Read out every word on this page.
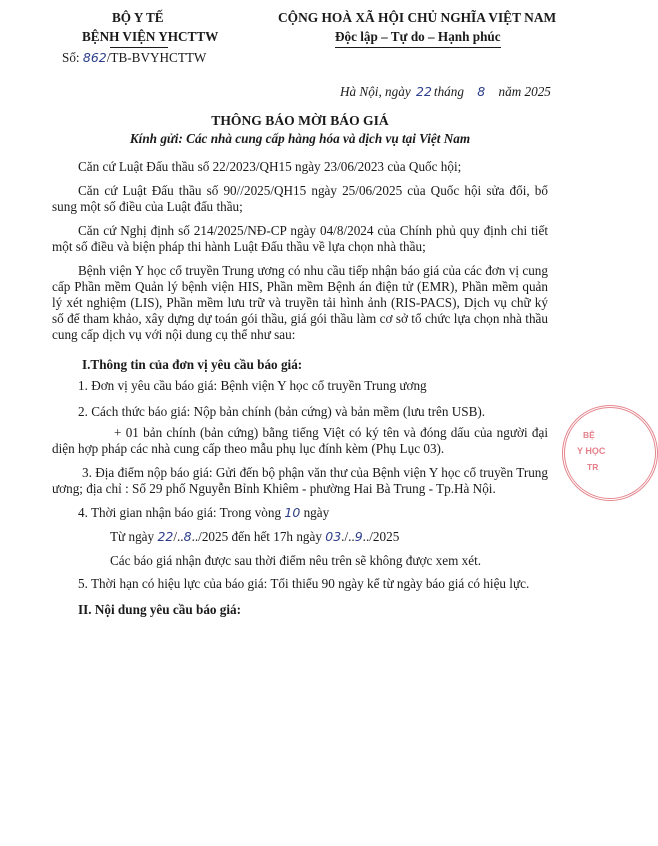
BỘ Y TẾ
BỆNH VIỆN YHCTTW
Số: 862/TB-BVYHCTTW
CỘNG HOÀ XÃ HỘI CHỦ NGHĨA VIỆT NAM
Độc lập – Tự do – Hạnh phúc
Hà Nội, ngày 22 tháng 8 năm 2025
THÔNG BÁO MỜI BÁO GIÁ
Kính gửi: Các nhà cung cấp hàng hóa và dịch vụ tại Việt Nam
Căn cứ Luật Đấu thầu số 22/2023/QH15 ngày 23/06/2023 của Quốc hội;
Căn cứ Luật Đấu thầu số 90//2025/QH15 ngày 25/06/2025 của Quốc hội sửa đổi, bổ sung một số điều của Luật đấu thầu;
Căn cứ Nghị định số 214/2025/NĐ-CP ngày 04/8/2024 của Chính phủ quy định chi tiết một số điều và biện pháp thi hành Luật Đấu thầu về lựa chọn nhà thầu;
Bệnh viện Y học cổ truyền Trung ương có nhu cầu tiếp nhận báo giá của các đơn vị cung cấp Phần mềm Quản lý bệnh viện HIS, Phần mềm Bệnh án điện tử (EMR), Phần mềm quản lý xét nghiệm (LIS), Phần mềm lưu trữ và truyền tải hình ảnh (RIS-PACS), Dịch vụ chữ ký số để tham khảo, xây dựng dự toán gói thầu, giá gói thầu làm cơ sở tổ chức lựa chọn nhà thầu cung cấp dịch vụ với nội dung cụ thể như sau:
I.Thông tin của đơn vị yêu cầu báo giá:
1. Đơn vị yêu cầu báo giá: Bệnh viện Y học cổ truyền Trung ương
2. Cách thức báo giá: Nộp bản chính (bản cứng) và bản mềm (lưu trên USB).
+ 01 bản chính (bản cứng) bằng tiếng Việt có ký tên và đóng dấu của người đại diện hợp pháp các nhà cung cấp theo mẫu phụ lục đính kèm (Phụ Lục 03).
3. Địa điểm nộp báo giá: Gửi đến bộ phận văn thư của Bệnh viện Y học cổ truyền Trung ương; địa chỉ : Số 29 phố Nguyễn Bỉnh Khiêm - phường Hai Bà Trung - Tp.Hà Nội.
4. Thời gian nhận báo giá: Trong vòng 10 ngày
Từ ngày 22/..8../2025 đến hết 17h ngày 03./..9../2025
Các báo giá nhận được sau thời điểm nêu trên sẽ không được xem xét.
5. Thời hạn có hiệu lực của báo giá: Tối thiểu 90 ngày kể từ ngày báo giá có hiệu lực.
II. Nội dung yêu cầu báo giá:
BỆ
Y HỌC
TR
